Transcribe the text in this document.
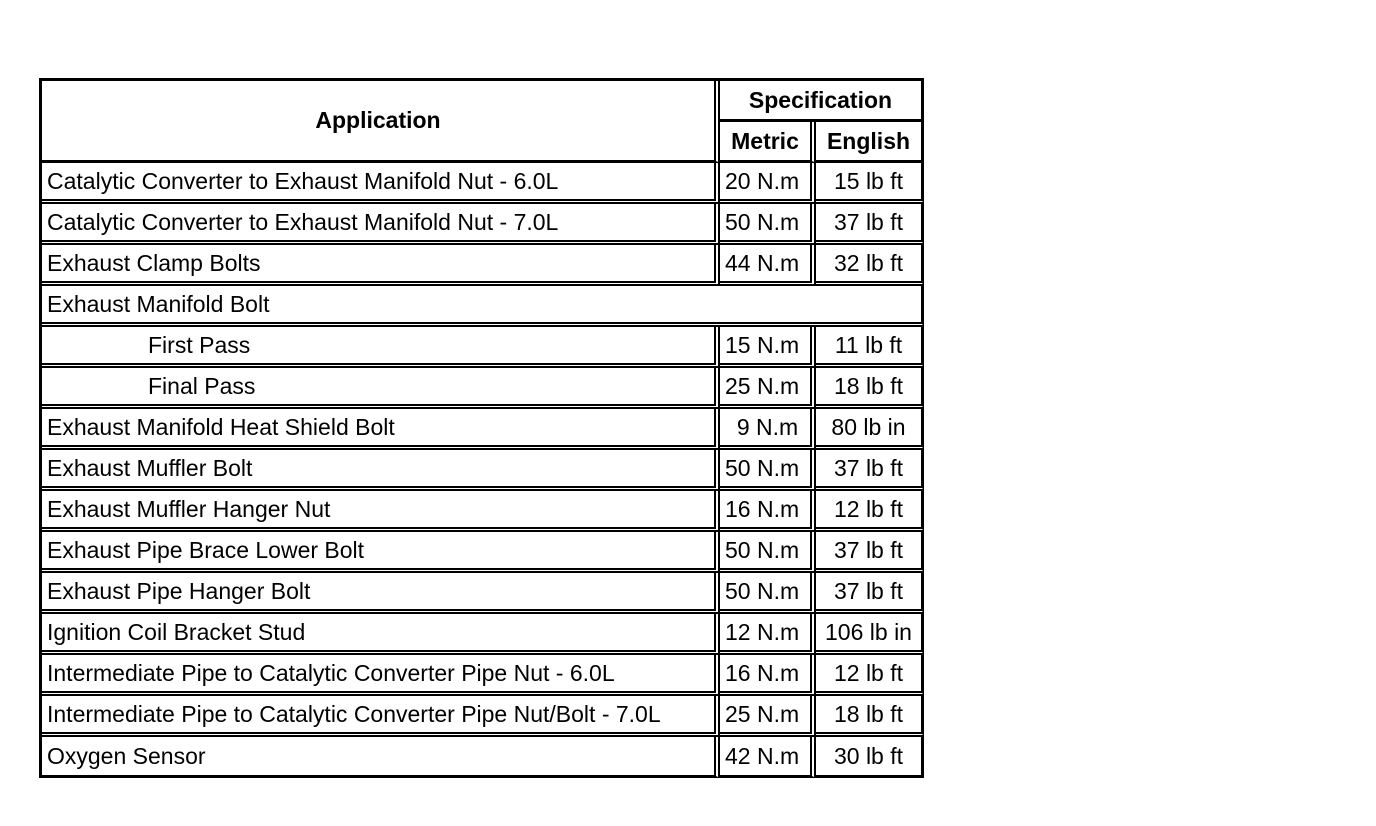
Application	Specification	
	Metric	English
Catalytic Converter to Exhaust Manifold Nut - 6.0L	20 N.m	15 lb ft
Catalytic Converter to Exhaust Manifold Nut - 7.0L	50 N.m	37 lb ft
Exhaust Clamp Bolts	44 N.m	32 lb ft
Exhaust Manifold Bolt		
First Pass	15 N.m	11 lb ft
Final Pass	25 N.m	18 lb ft
Exhaust Manifold Heat Shield Bolt	9 N.m	80 lb in
Exhaust Muffler Bolt	50 N.m	37 lb ft
Exhaust Muffler Hanger Nut	16 N.m	12 lb ft
Exhaust Pipe Brace Lower Bolt	50 N.m	37 lb ft
Exhaust Pipe Hanger Bolt	50 N.m	37 lb ft
Ignition Coil Bracket Stud	12 N.m	106 lb in
Intermediate Pipe to Catalytic Converter Pipe Nut - 6.0L	16 N.m	12 lb ft
Intermediate Pipe to Catalytic Converter Pipe Nut/Bolt - 7.0L	25 N.m	18 lb ft
Oxygen Sensor	42 N.m	30 lb ft
